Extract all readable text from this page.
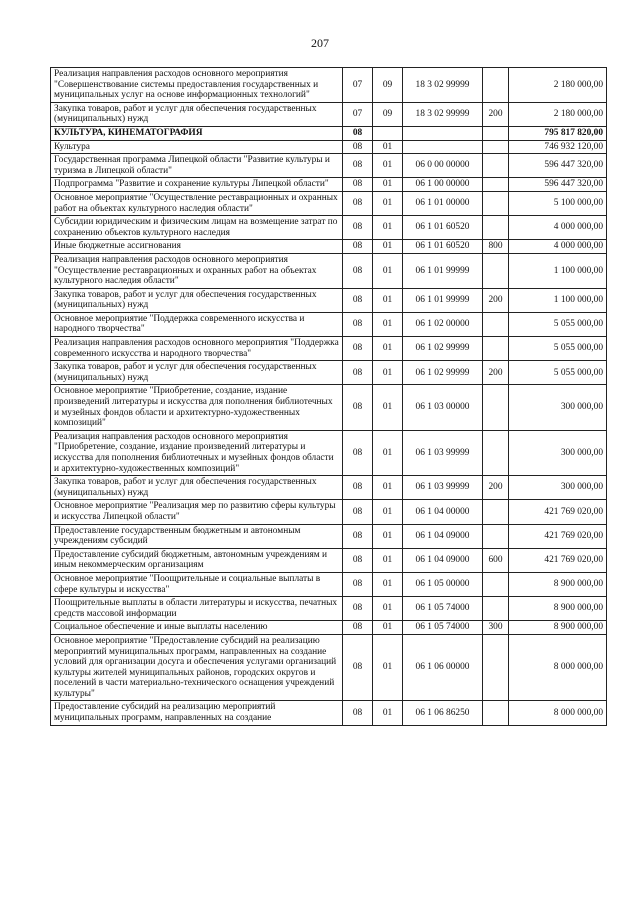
207
Реализация направления расходов основного мероприятия "Совершенствование системы предоставления государственных и муниципальных услуг на основе информационных технологий"	07	09	18 3 02 99999		2 180 000,00
Закупка товаров, работ и услуг для обеспечения государственных (муниципальных) нужд	07	09	18 3 02 99999	200	2 180 000,00
КУЛЬТУРА, КИНЕМАТОГРАФИЯ	08				795 817 820,00
Культура	08	01			746 932 120,00
Государственная программа Липецкой области "Развитие культуры и туризма в Липецкой области"	08	01	06 0 00 00000		596 447 320,00
Подпрограмма "Развитие и сохранение культуры Липецкой области"	08	01	06 1 00 00000		596 447 320,00
Основное мероприятие "Осуществление реставрационных и охранных работ на объектах культурного наследия области"	08	01	06 1 01 00000		5 100 000,00
Субсидии юридическим и физическим лицам на возмещение затрат по сохранению объектов культурного наследия	08	01	06 1 01 60520		4 000 000,00
Иные бюджетные ассигнования	08	01	06 1 01 60520	800	4 000 000,00
Реализация направления расходов основного мероприятия "Осуществление реставрационных и охранных работ на объектах культурного наследия области"	08	01	06 1 01 99999		1 100 000,00
Закупка товаров, работ и услуг для обеспечения государственных (муниципальных) нужд	08	01	06 1 01 99999	200	1 100 000,00
Основное мероприятие "Поддержка современного искусства и народного творчества"	08	01	06 1 02 00000		5 055 000,00
Реализация направления расходов основного мероприятия "Поддержка современного искусства и народного творчества"	08	01	06 1 02 99999		5 055 000,00
Закупка товаров, работ и услуг для обеспечения государственных (муниципальных) нужд	08	01	06 1 02 99999	200	5 055 000,00
Основное мероприятие "Приобретение, создание, издание произведений литературы и искусства для пополнения библиотечных и музейных фондов области и архитектурно-художественных композиций"	08	01	06 1 03 00000		300 000,00
Реализация направления расходов основного мероприятия "Приобретение, создание, издание произведений литературы и искусства для пополнения библиотечных и музейных фондов области и архитектурно-художественных композиций"	08	01	06 1 03 99999		300 000,00
Закупка товаров, работ и услуг для обеспечения государственных (муниципальных) нужд	08	01	06 1 03 99999	200	300 000,00
Основное мероприятие "Реализация мер по развитию сферы культуры и искусства Липецкой области"	08	01	06 1 04 00000		421 769 020,00
Предоставление государственным бюджетным и автономным учреждениям субсидий	08	01	06 1 04 09000		421 769 020,00
Предоставление субсидий бюджетным, автономным учреждениям и иным некоммерческим организациям	08	01	06 1 04 09000	600	421 769 020,00
Основное мероприятие "Поощрительные и социальные выплаты в сфере культуры и искусства"	08	01	06 1 05 00000		8 900 000,00
Поощрительные выплаты в области литературы и искусства, печатных средств массовой информации	08	01	06 1 05 74000		8 900 000,00
Социальное обеспечение и иные выплаты населению	08	01	06 1 05 74000	300	8 900 000,00
Основное мероприятие "Предоставление субсидий на реализацию мероприятий муниципальных программ, направленных на создание условий для организации досуга и обеспечения услугами организаций культуры жителей муниципальных районов, городских округов и поселений в части материально-технического оснащения учреждений культуры"	08	01	06 1 06 00000		8 000 000,00
Предоставление субсидий на реализацию мероприятий муниципальных программ, направленных на создание	08	01	06 1 06 86250		8 000 000,00
